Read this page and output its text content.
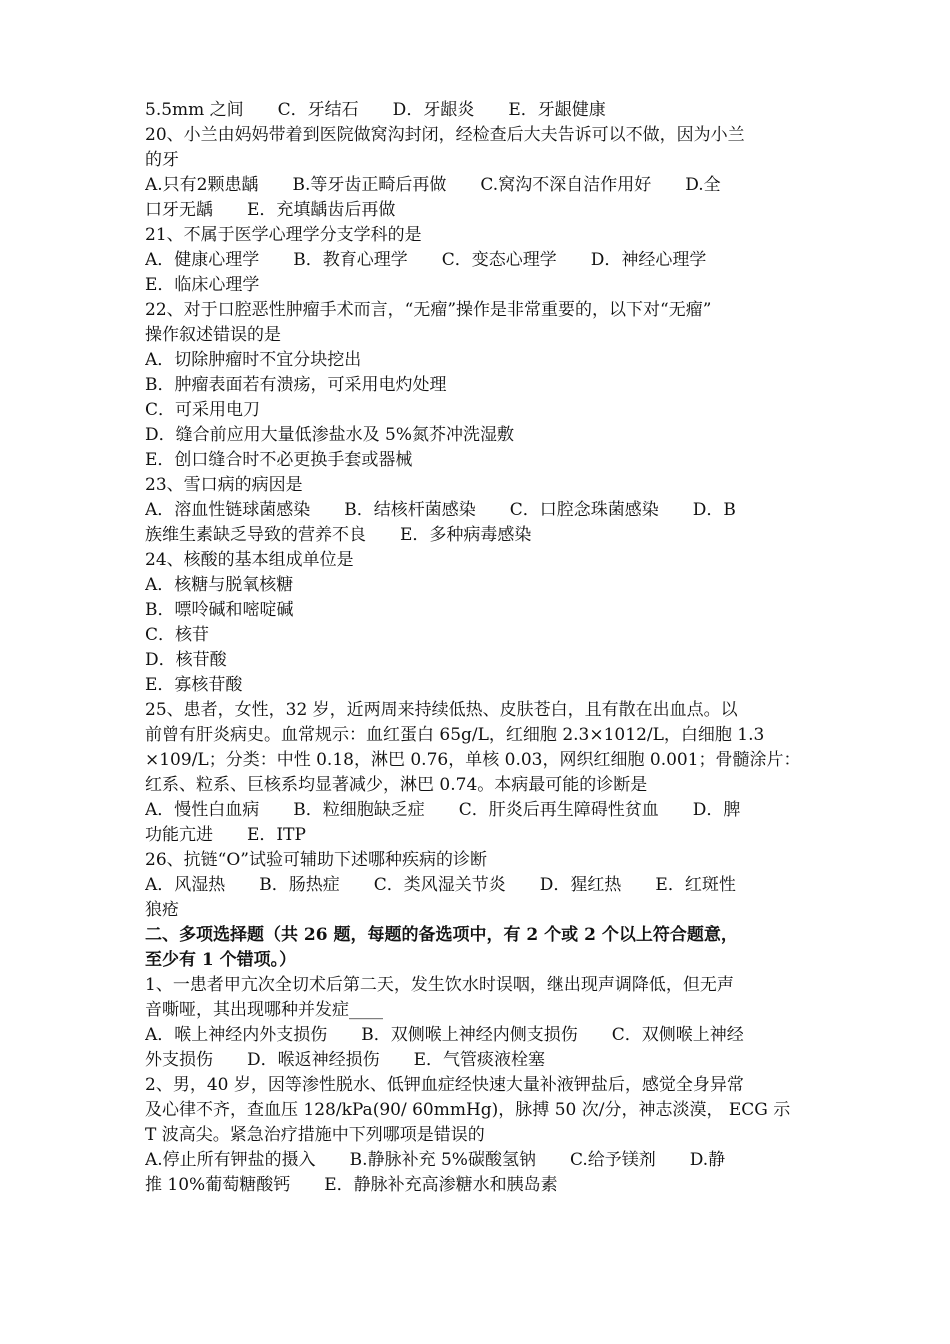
5.5mm 之间　　C．牙结石　　D．牙龈炎　　E．牙龈健康
20、小兰由妈妈带着到医院做窝沟封闭，经检查后大夫告诉可以不做，因为小兰
的牙
A.只有2颗患龋　　B.等牙齿正畸后再做　　C.窝沟不深自洁作用好　　D.全
口牙无龋　　E．充填龋齿后再做
21、不属于医学心理学分支学科的是
A．健康心理学　　B．教育心理学　　C．变态心理学　　D．神经心理学
E．临床心理学
22、对于口腔恶性肿瘤手术而言，“无瘤”操作是非常重要的，以下对“无瘤”
操作叙述错误的是
A．切除肿瘤时不宜分块挖出
B．肿瘤表面若有溃疡，可采用电灼处理
C．可采用电刀
D．缝合前应用大量低渗盐水及 5%氮芥冲洗湿敷
E．创口缝合时不必更换手套或器械
23、雪口病的病因是
A．溶血性链球菌感染　　B．结核杆菌感染　　C．口腔念珠菌感染　　D．B
族维生素缺乏导致的营养不良　　E．多种病毒感染
24、核酸的基本组成单位是
A．核糖与脱氧核糖
B．嘌呤碱和嘧啶碱
C．核苷
D．核苷酸
E．寡核苷酸
25、患者，女性，32 岁，近两周来持续低热、皮肤苍白，且有散在出血点。以
前曾有肝炎病史。血常规示：血红蛋白 65g/L，红细胞 2.3×1012/L，白细胞 1.3
×109/L；分类：中性 0.18，淋巴 0.76，单核 0.03，网织红细胞 0.001；骨髓涂片：
红系、粒系、巨核系均显著减少，淋巴 0.74。本病最可能的诊断是
A．慢性白血病　　B．粒细胞缺乏症　　C．肝炎后再生障碍性贫血　　D．脾
功能亢进　　E．ITP
26、抗链“O”试验可辅助下述哪种疾病的诊断
A．风湿热　　B．肠热症　　C．类风湿关节炎　　D．猩红热　　E．红斑性
狼疮
二、多项选择题（共 26 题，每题的备选项中，有 2 个或 2 个以上符合题意，
至少有 1 个错项。）
1、一患者甲亢次全切术后第二天，发生饮水时误咽，继出现声调降低，但无声
音嘶哑，其出现哪种并发症____
A．喉上神经内外支损伤　　B．双侧喉上神经内侧支损伤　　C．双侧喉上神经
外支损伤　　D．喉返神经损伤　　E．气管痰液栓塞
2、男，40 岁，因等渗性脱水、低钾血症经快速大量补液钾盐后，感觉全身异常
及心律不齐，查血压 128/kPa(90/ 60mmHg)，脉搏 50 次/分，神志淡漠， ECG 示
T 波高尖。紧急治疗措施中下列哪项是错误的
A.停止所有钾盐的摄入　　B.静脉补充 5%碳酸氢钠　　C.给予镁剂　　D.静
推 10%葡萄糖酸钙　　E．静脉补充高渗糖水和胰岛素
